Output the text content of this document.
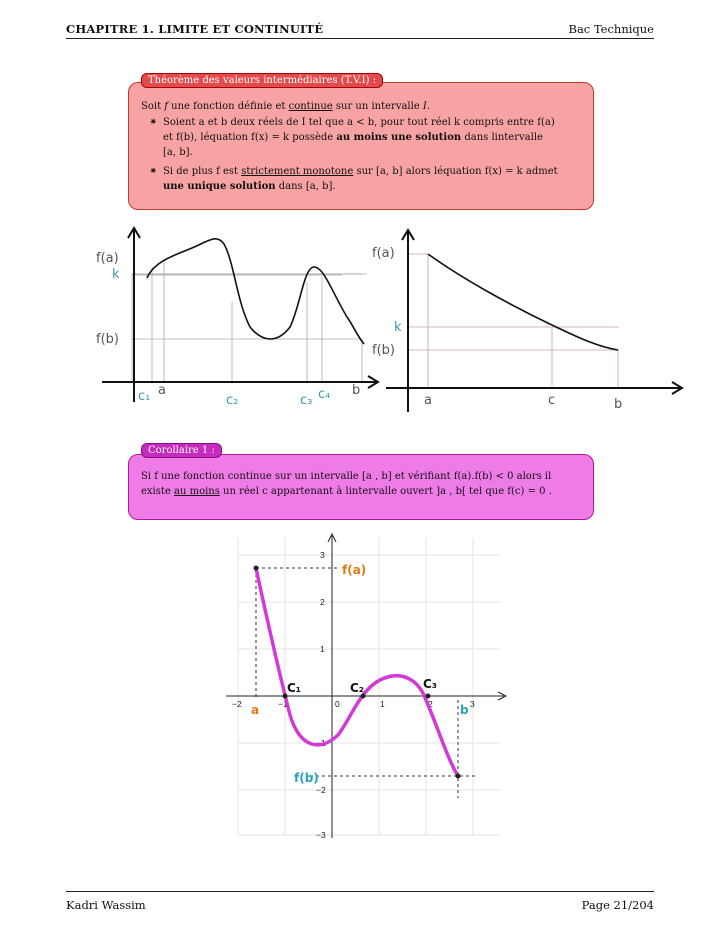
CHAPITRE 1. LIMITE ET CONTINUITÉ	Bac Technique
Théorème des valeurs intermédiaires (T.V.I) :
Soit f une fonction définie et continue sur un intervalle I.
⁕ Soient a et b deux réels de I tel que a < b, pour tout réel k compris entre f(a)
et f(b), léquation f(x) = k possède au moins une solution dans lintervalle
[a, b].
⁕ Si de plus f est strictement monotone sur [a, b] alors léquation f(x) = k admet
une unique solution dans [a, b].
f(a)
k
f(b)
c₁ a
c₂	c₃ c₄ b
f(a)
k
f(b)
a	c	b
Corollaire 1 :
Si f une fonction continue sur un intervalle [a , b] et vérifiant f(a).f(b) < 0 alors il
existe au moins un réel c appartenant à lintervalle ouvert ]a , b[ tel que f(c) = 0 .
−2	−1	0	1	2	3
3
2
1
−1
−2
−3
f(a)
f(b)
a	b
C₁	C₂	C₃
Kadri Wassim	Page 21/204
